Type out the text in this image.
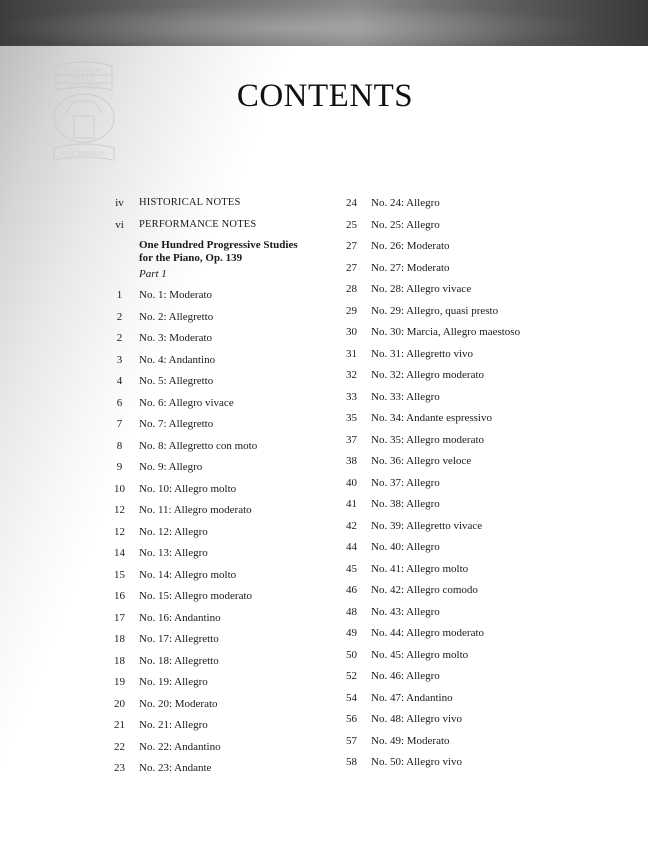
LABORUM
DULCE
LENIMEN
G.SCHIRMER
CONTENTS
iv	HISTORICAL NOTES
vi	PERFORMANCE NOTES
One Hundred Progressive Studies
for the Piano, Op. 139
Part 1
1	No. 1: Moderato
2	No. 2: Allegretto
2	No. 3: Moderato
3	No. 4: Andantino
4	No. 5: Allegretto
6	No. 6: Allegro vivace
7	No. 7: Allegretto
8	No. 8: Allegretto con moto
9	No. 9: Allegro
10	No. 10: Allegro molto
12	No. 11: Allegro moderato
12	No. 12: Allegro
14	No. 13: Allegro
15	No. 14: Allegro molto
16	No. 15: Allegro moderato
17	No. 16: Andantino
18	No. 17: Allegretto
18	No. 18: Allegretto
19	No. 19: Allegro
20	No. 20: Moderato
21	No. 21: Allegro
22	No. 22: Andantino
23	No. 23: Andante
24	No. 24: Allegro
25	No. 25: Allegro
27	No. 26: Moderato
27	No. 27: Moderato
28	No. 28: Allegro vivace
29	No. 29: Allegro, quasi presto
30	No. 30: Marcia, Allegro maestoso
31	No. 31: Allegretto vivo
32	No. 32: Allegro moderato
33	No. 33: Allegro
35	No. 34: Andante espressivo
37	No. 35: Allegro moderato
38	No. 36: Allegro veloce
40	No. 37: Allegro
41	No. 38: Allegro
42	No. 39: Allegretto vivace
44	No. 40: Allegro
45	No. 41: Allegro molto
46	No. 42: Allegro comodo
48	No. 43: Allegro
49	No. 44: Allegro moderato
50	No. 45: Allegro molto
52	No. 46: Allegro
54	No. 47: Andantino
56	No. 48: Allegro vivo
57	No. 49: Moderato
58	No. 50: Allegro vivo
